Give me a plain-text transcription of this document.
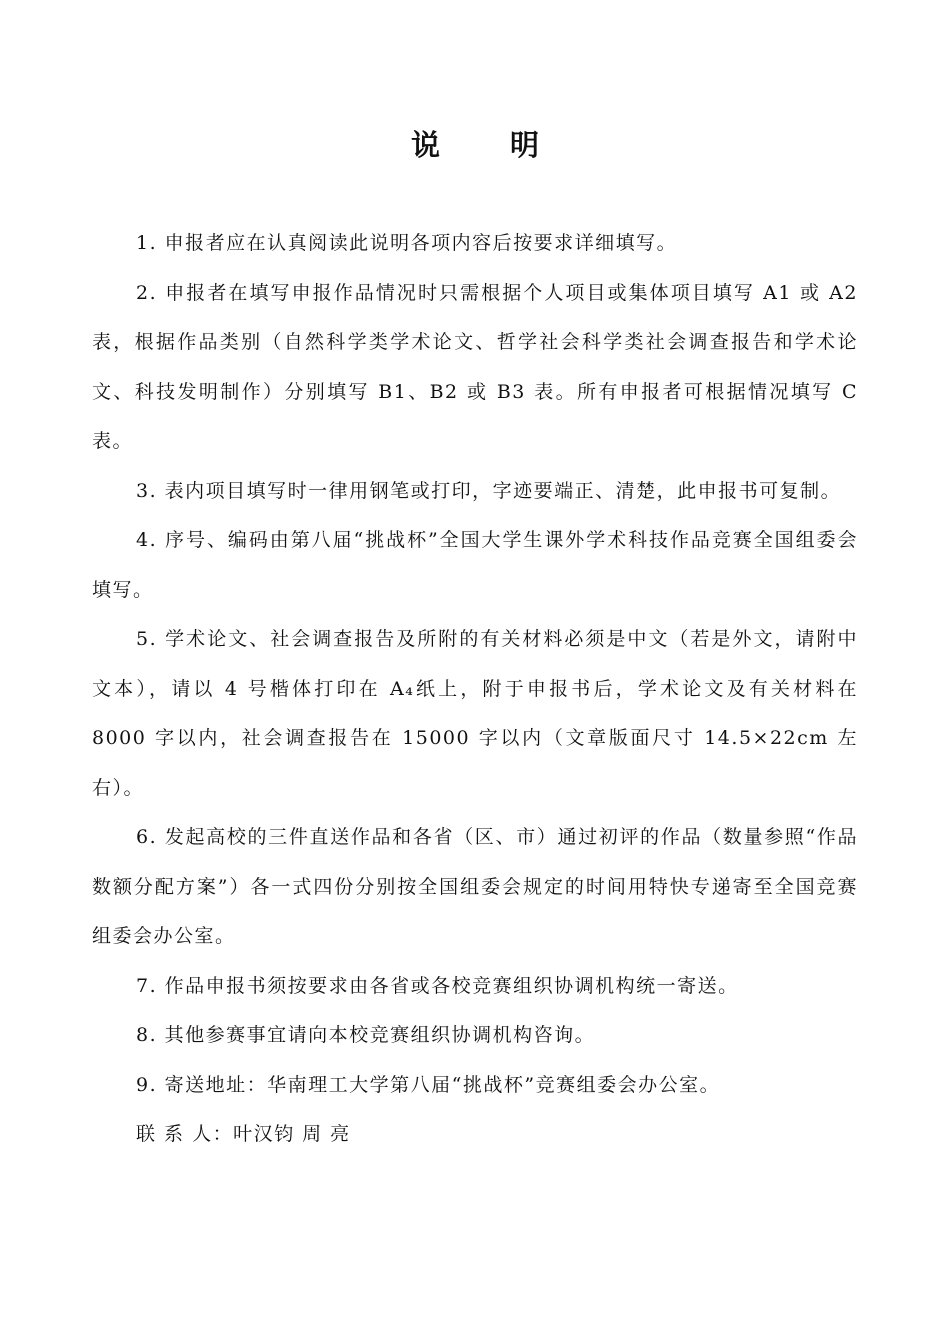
说 明

1. 申报者应在认真阅读此说明各项内容后按要求详细填写。

2. 申报者在填写申报作品情况时只需根据个人项目或集体项目填写 A1 或 A2 表，根据作品类别（自然科学类学术论文、哲学社会科学类社会调查报告和学术论文、科技发明制作）分别填写 B1、B2 或 B3 表。所有申报者可根据情况填写 C 表。

3. 表内项目填写时一律用钢笔或打印，字迹要端正、清楚，此申报书可复制。

4. 序号、编码由第八届“挑战杯”全国大学生课外学术科技作品竞赛全国组委会填写。

5. 学术论文、社会调查报告及所附的有关材料必须是中文（若是外文，请附中文本），请以 4 号楷体打印在 A₄纸上，附于申报书后，学术论文及有关材料在 8000 字以内，社会调查报告在 15000 字以内（文章版面尺寸 14.5×22cm 左右）。

6. 发起高校的三件直送作品和各省（区、市）通过初评的作品（数量参照“作品数额分配方案”）各一式四份分别按全国组委会规定的时间用特快专递寄至全国竞赛组委会办公室。

7. 作品申报书须按要求由各省或各校竞赛组织协调机构统一寄送。

8. 其他参赛事宜请向本校竞赛组织协调机构咨询。

9. 寄送地址：华南理工大学第八届“挑战杯”竞赛组委会办公室。

联 系 人：叶汉钧 周 亮
